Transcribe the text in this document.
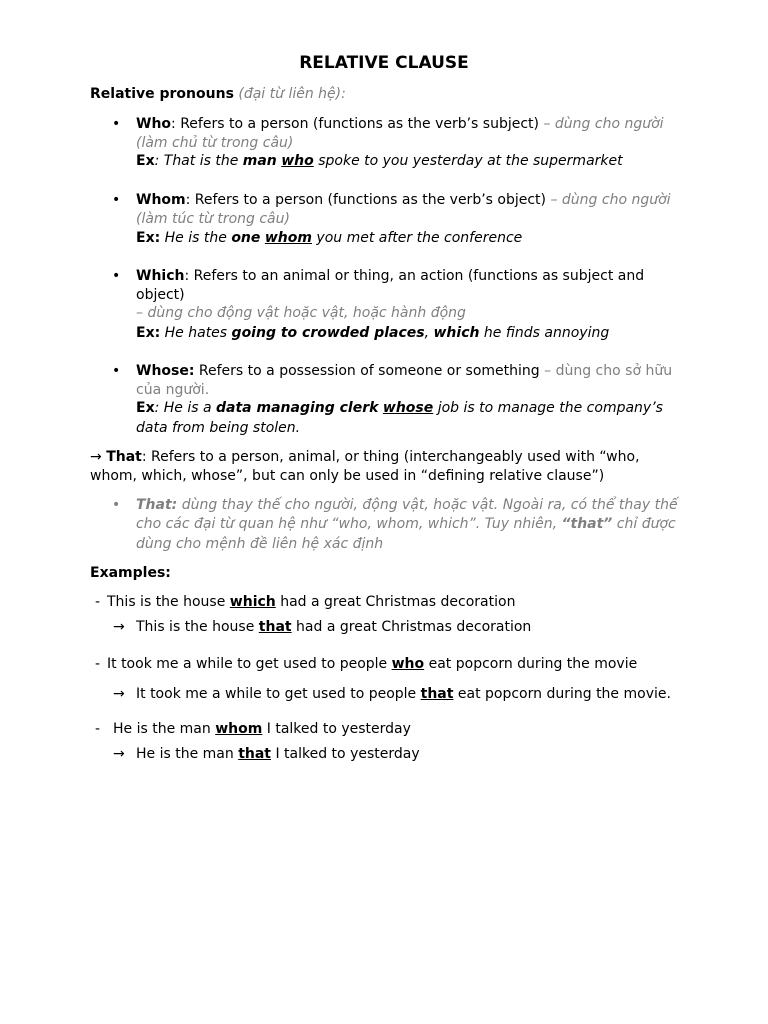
RELATIVE CLAUSE
Relative pronouns (đại từ liên hệ):
• Who: Refers to a person (functions as the verb’s subject) – dùng cho người
(làm chủ từ trong câu)
Ex: That is the man who spoke to you yesterday at the supermarket
• Whom: Refers to a person (functions as the verb’s object) – dùng cho người
(làm túc từ trong câu)
Ex: He is the one whom you met after the conference
• Which: Refers to an animal or thing, an action (functions as subject and
object)
– dùng cho động vật hoặc vật, hoặc hành động
Ex: He hates going to crowded places, which he finds annoying
• Whose: Refers to a possession of someone or something – dùng cho sở hữu
của người.
Ex: He is a data managing clerk whose job is to manage the company’s
data from being stolen.
→ That: Refers to a person, animal, or thing (interchangeably used with “who,
whom, which, whose”, but can only be used in “defining relative clause”)
• That: dùng thay thế cho người, động vật, hoặc vật. Ngoài ra, có thể thay thế
cho các đại từ quan hệ như “who, whom, which”. Tuy nhiên, “that” chỉ được
dùng cho mệnh đề liên hệ xác định
Examples:
- This is the house which had a great Christmas decoration
→ This is the house that had a great Christmas decoration
- It took me a while to get used to people who eat popcorn during the movie
→ It took me a while to get used to people that eat popcorn during the movie.
- He is the man whom I talked to yesterday
→ He is the man that I talked to yesterday
